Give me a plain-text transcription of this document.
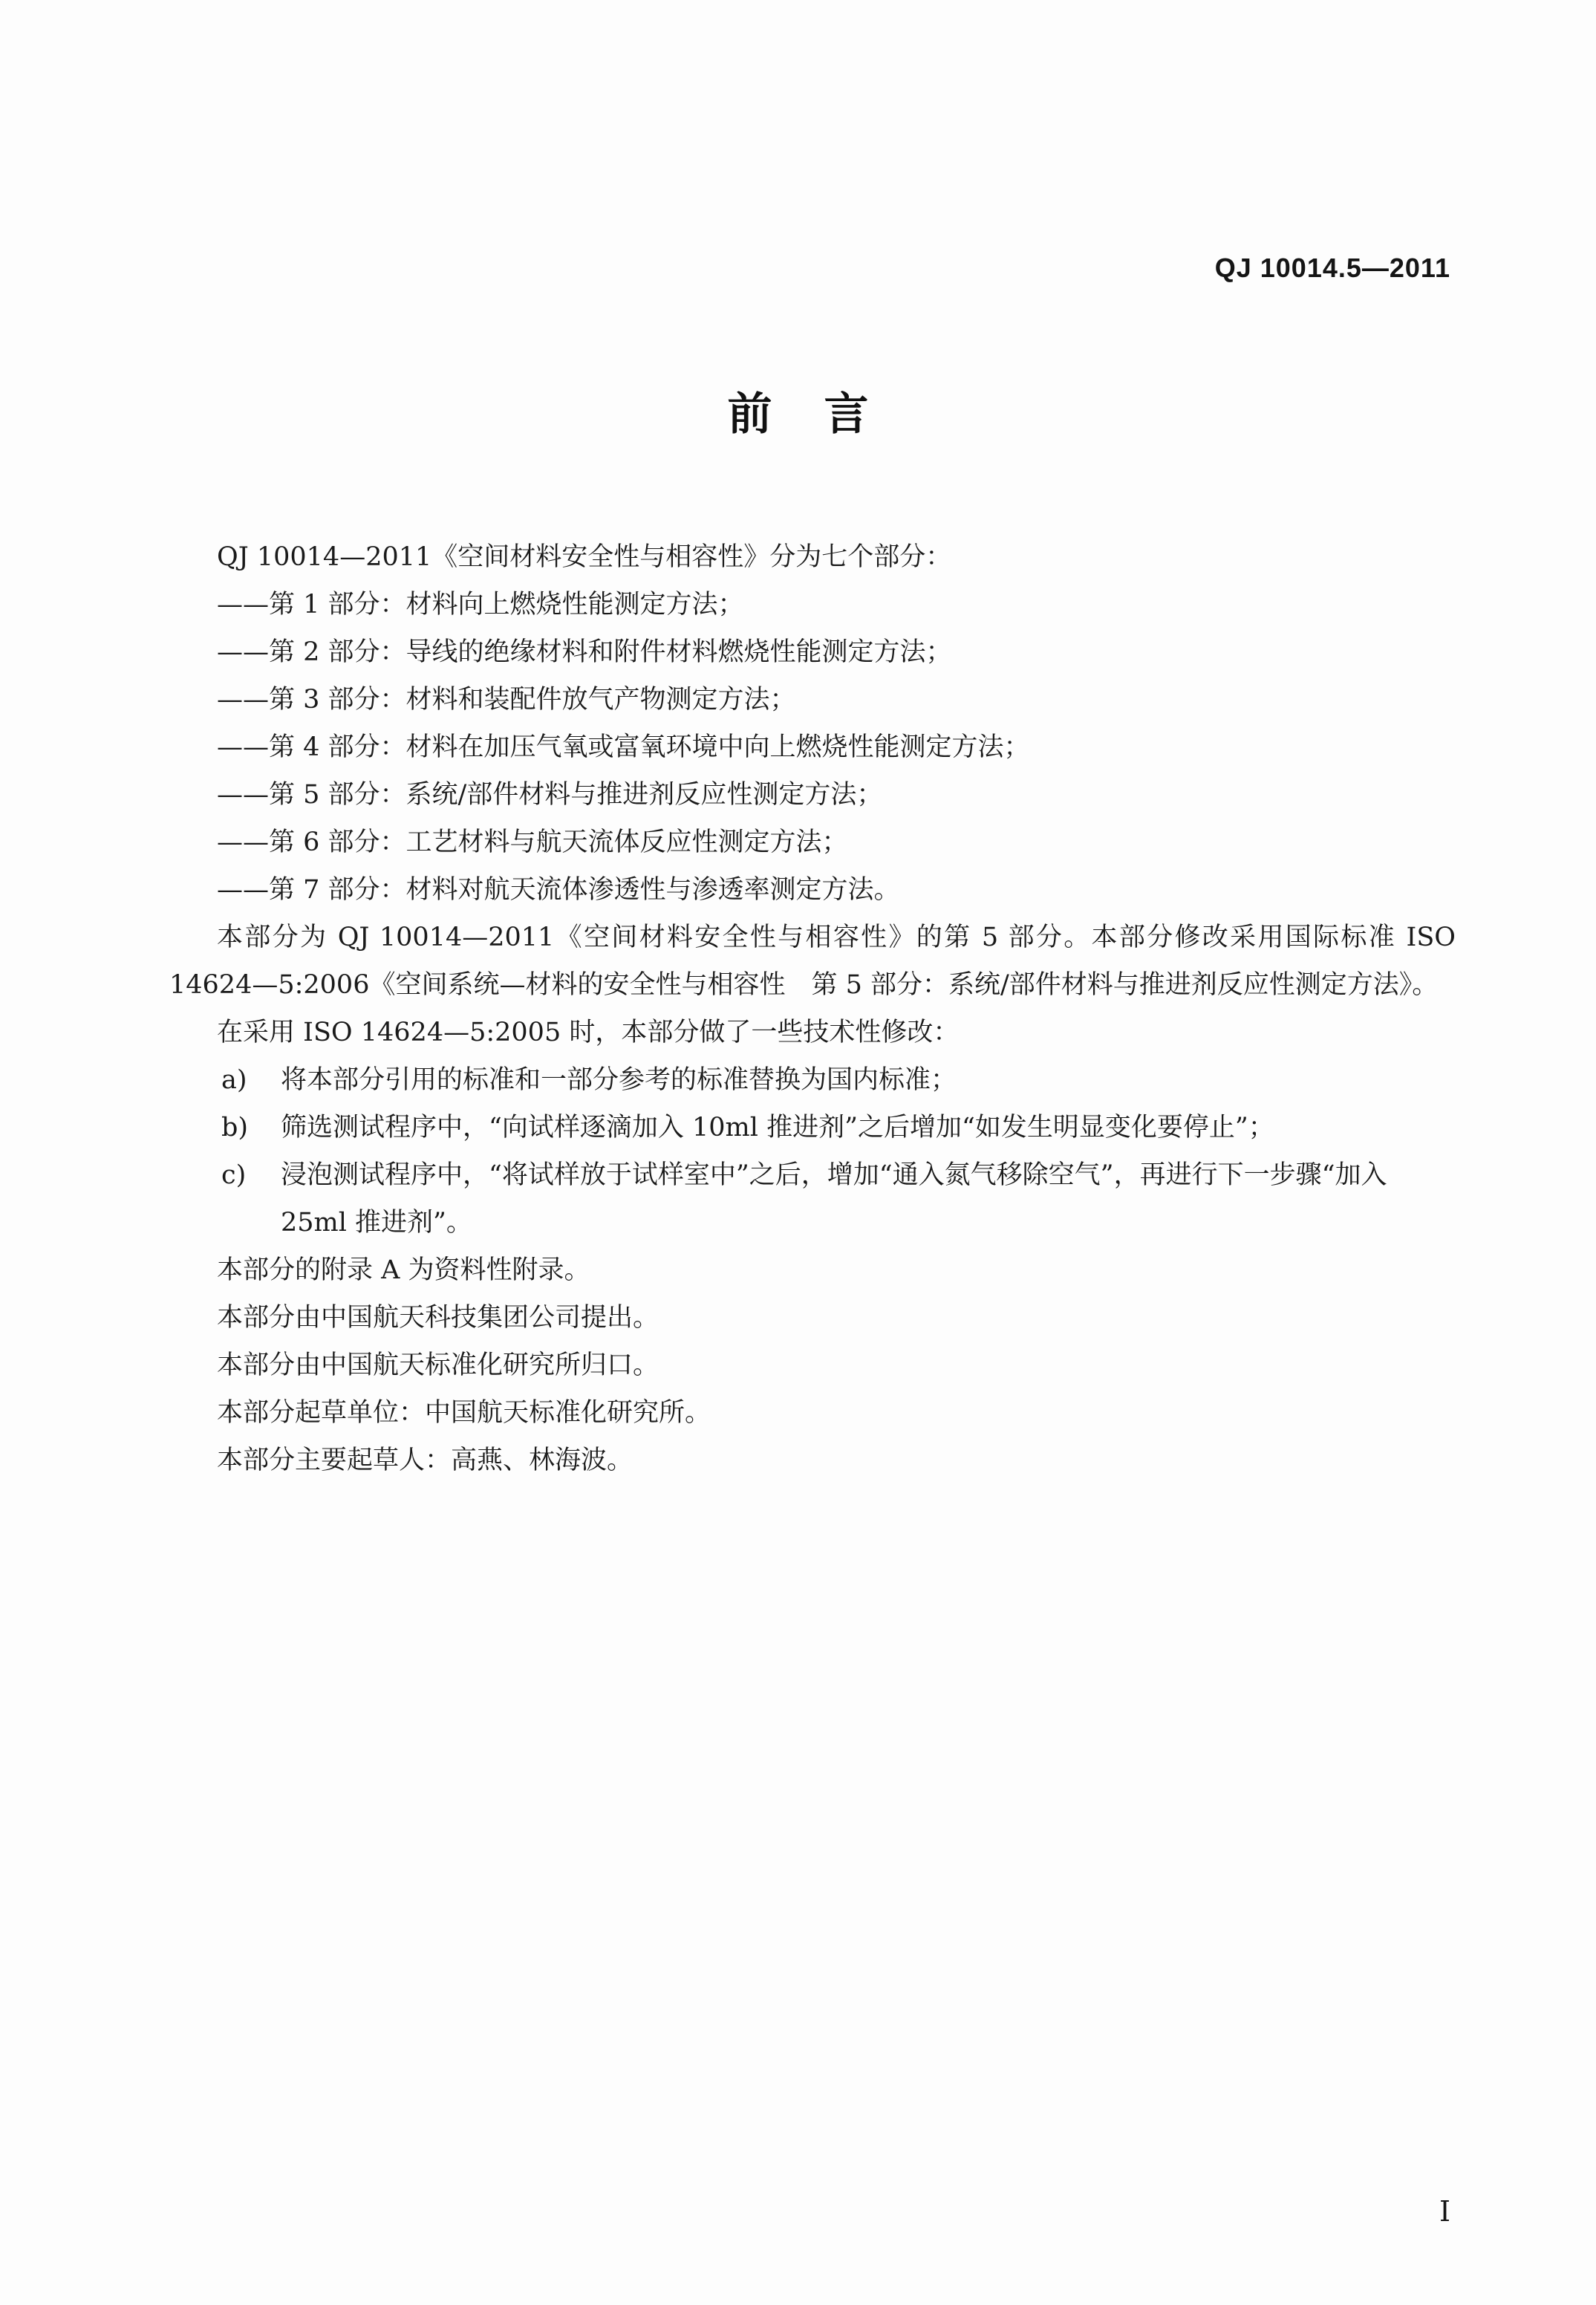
QJ 10014.5—2011
前言
QJ 10014—2011《空间材料安全性与相容性》分为七个部分：
——第 1 部分：材料向上燃烧性能测定方法；
——第 2 部分：导线的绝缘材料和附件材料燃烧性能测定方法；
——第 3 部分：材料和装配件放气产物测定方法；
——第 4 部分：材料在加压气氧或富氧环境中向上燃烧性能测定方法；
——第 5 部分：系统/部件材料与推进剂反应性测定方法；
——第 6 部分：工艺材料与航天流体反应性测定方法；
——第 7 部分：材料对航天流体渗透性与渗透率测定方法。
本部分为 QJ 10014—2011《空间材料安全性与相容性》的第 5 部分。本部分修改采用国际标准 ISO 14624—5:2006《空间系统—材料的安全性与相容性　第 5 部分：系统/部件材料与推进剂反应性测定方法》。
在采用 ISO 14624—5:2005 时，本部分做了一些技术性修改：
a) 将本部分引用的标准和一部分参考的标准替换为国内标准；
b) 筛选测试程序中，“向试样逐滴加入 10ml 推进剂”之后增加“如发生明显变化要停止”；
c) 浸泡测试程序中，“将试样放于试样室中”之后，增加“通入氮气移除空气”，再进行下一步骤“加入 25ml 推进剂”。
本部分的附录 A 为资料性附录。
本部分由中国航天科技集团公司提出。
本部分由中国航天标准化研究所归口。
本部分起草单位：中国航天标准化研究所。
本部分主要起草人：高燕、林海波。
I
